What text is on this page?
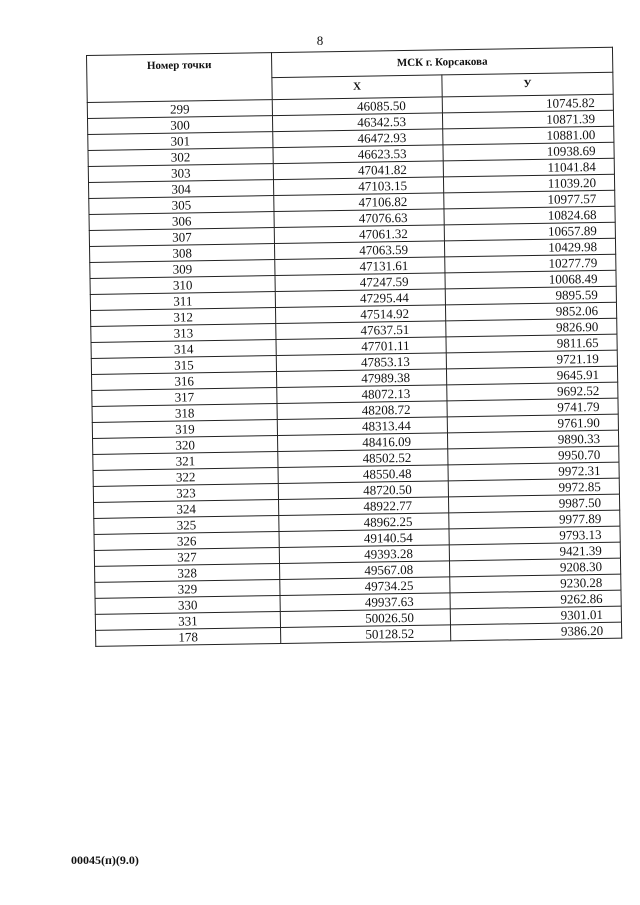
8
Номер точки	МСК г. Корсакова	
	Х	У
299	46085.50	10745.82
300	46342.53	10871.39
301	46472.93	10881.00
302	46623.53	10938.69
303	47041.82	11041.84
304	47103.15	11039.20
305	47106.82	10977.57
306	47076.63	10824.68
307	47061.32	10657.89
308	47063.59	10429.98
309	47131.61	10277.79
310	47247.59	10068.49
311	47295.44	9895.59
312	47514.92	9852.06
313	47637.51	9826.90
314	47701.11	9811.65
315	47853.13	9721.19
316	47989.38	9645.91
317	48072.13	9692.52
318	48208.72	9741.79
319	48313.44	9761.90
320	48416.09	9890.33
321	48502.52	9950.70
322	48550.48	9972.31
323	48720.50	9972.85
324	48922.77	9987.50
325	48962.25	9977.89
326	49140.54	9793.13
327	49393.28	9421.39
328	49567.08	9208.30
329	49734.25	9230.28
330	49937.63	9262.86
331	50026.50	9301.01
178	50128.52	9386.20
00045(п)(9.0)
